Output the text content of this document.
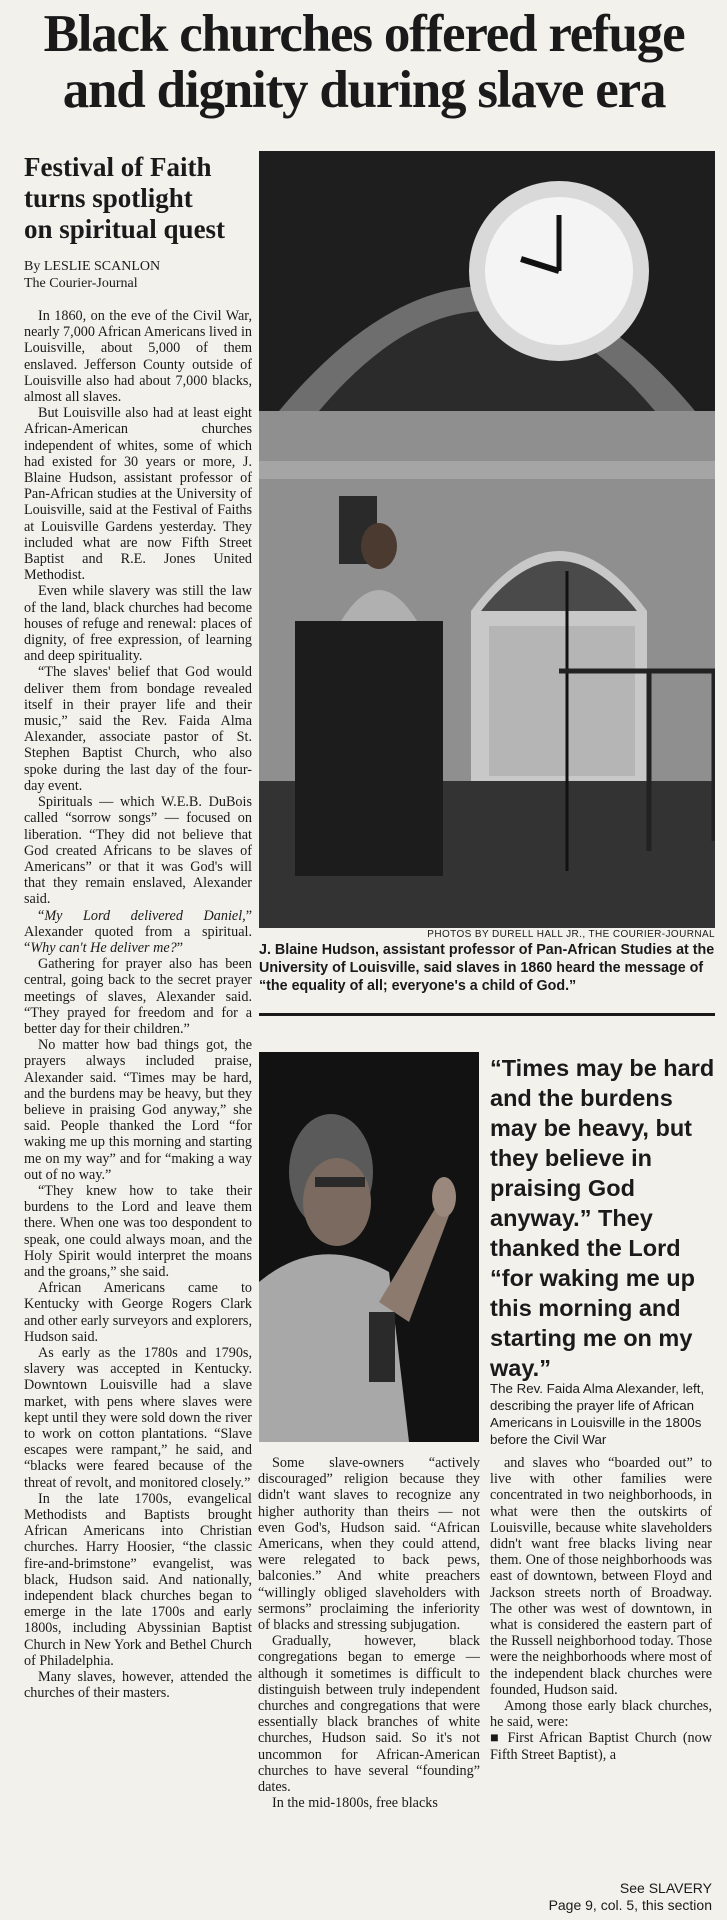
Black churches offered refuge
and dignity during slave era
Festival of Faith
turns spotlight
on spiritual quest
By LESLIE SCANLON
The Courier-Journal

In 1860, on the eve of the Civil War, nearly 7,000 African Americans lived in Louisville, about 5,000 of them enslaved. Jefferson County outside of Louisville also had about 7,000 blacks, almost all slaves.

But Louisville also had at least eight African-American churches independent of whites, some of which had existed for 30 years or more, J. Blaine Hudson, assistant professor of Pan-African studies at the University of Louisville, said at the Festival of Faiths at Louisville Gardens yesterday. They included what are now Fifth Street Baptist and R.E. Jones United Methodist.

Even while slavery was still the law of the land, black churches had become houses of refuge and renewal: places of dignity, of free expression, of learning and deep spirituality.

“The slaves' belief that God would deliver them from bondage revealed itself in their prayer life and their music,” said the Rev. Faida Alma Alexander, associate pastor of St. Stephen Baptist Church, who also spoke during the last day of the four-day event.

Spirituals — which W.E.B. DuBois called “sorrow songs” — focused on liberation. “They did not believe that God created Africans to be slaves of Americans” or that it was God's will that they remain enslaved, Alexander said.

“My Lord delivered Daniel,” Alexander quoted from a spiritual. “Why can't He deliver me?”

Gathering for prayer also has been central, going back to the secret prayer meetings of slaves, Alexander said. “They prayed for freedom and for a better day for their children.”

No matter how bad things got, the prayers always included praise, Alexander said. “Times may be hard, and the burdens may be heavy, but they believe in praising God anyway,” she said. People thanked the Lord “for waking me up this morning and starting me on my way” and for “making a way out of no way.”

“They knew how to take their burdens to the Lord and leave them there. When one was too despondent to speak, one could always moan, and the Holy Spirit would interpret the moans and the groans,” she said.

African Americans came to Kentucky with George Rogers Clark and other early surveyors and explorers, Hudson said.

As early as the 1780s and 1790s, slavery was accepted in Kentucky. Downtown Louisville had a slave market, with pens where slaves were kept until they were sold down the river to work on cotton plantations. “Slave escapes were rampant,” he said, and “blacks were feared because of the threat of revolt, and monitored closely.”

In the late 1700s, evangelical Methodists and Baptists brought African Americans into Christian churches. Harry Hoosier, “the classic fire-and-brimstone” evangelist, was black, Hudson said. And nationally, independent black churches began to emerge in the late 1700s and early 1800s, including Abyssinian Baptist Church in New York and Bethel Church of Philadelphia.

Many slaves, however, attended the churches of their masters.

PHOTOS BY DURELL HALL JR., THE COURIER-JOURNAL

J. Blaine Hudson, assistant professor of Pan-African Studies at the University of Louisville, said slaves in 1860 heard the message of “the equality of all; everyone's a child of God.”

“Times may be hard and the burdens may be heavy, but they believe in praising God anyway.” They thanked the Lord “for waking me up this morning and starting me on my way.”

The Rev. Faida Alma Alexander, left, describing the prayer life of African Americans in Louisville in the 1800s before the Civil War

Some slave-owners “actively discouraged” religion because they didn't want slaves to recognize any higher authority than theirs — not even God's, Hudson said. “African Americans, when they could attend, were relegated to back pews, balconies.” And white preachers “willingly obliged slaveholders with sermons” proclaiming the inferiority of blacks and stressing subjugation.

Gradually, however, black congregations began to emerge — although it sometimes is difficult to distinguish between truly independent churches and congregations that were essentially black branches of white churches, Hudson said. So it's not uncommon for African-American churches to have several “founding” dates.

In the mid-1800s, free blacks

and slaves who “boarded out” to live with other families were concentrated in two neighborhoods, in what were then the outskirts of Louisville, because white slaveholders didn't want free blacks living near them. One of those neighborhoods was east of downtown, between Floyd and Jackson streets north of Broadway. The other was west of downtown, in what is considered the eastern part of the Russell neighborhood today. Those were the neighborhoods where most of the independent black churches were founded, Hudson said.

Among those early black churches, he said, were:

■ First African Baptist Church (now Fifth Street Baptist), a

See SLAVERY
Page 9, col. 5, this section
